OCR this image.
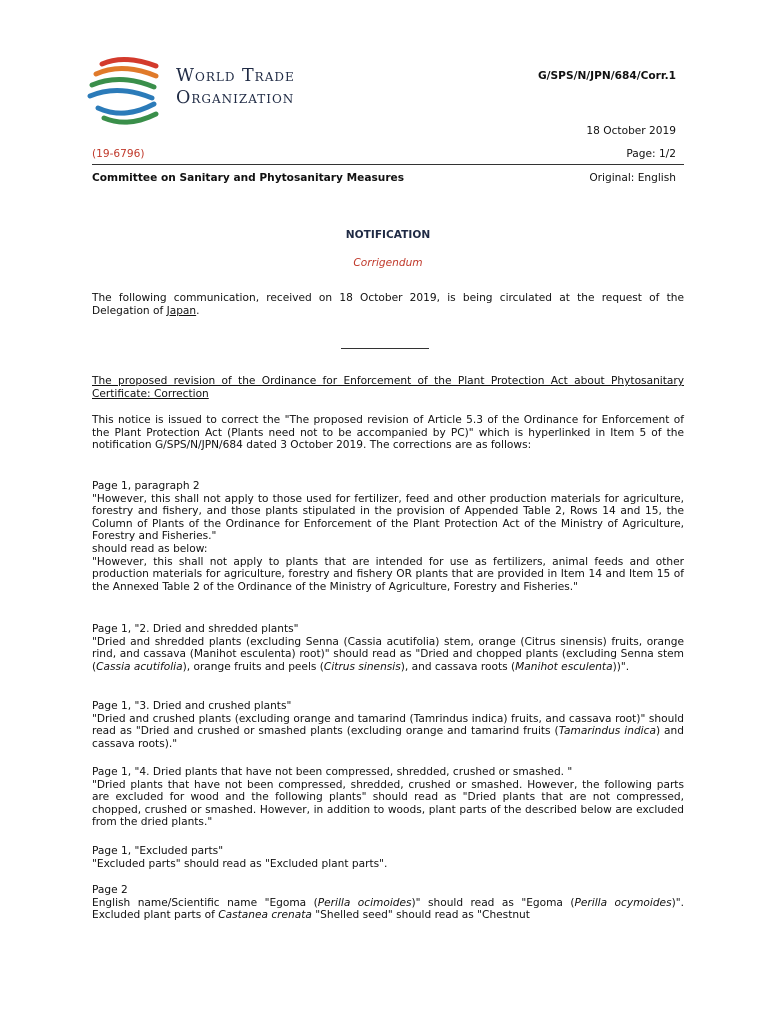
World Trade
Organization
G/SPS/N/JPN/684/Corr.1
18 October 2019
(19-6796)	Page: 1/2
Committee on Sanitary and Phytosanitary Measures	Original: English
NOTIFICATION
Corrigendum
The following communication, received on 18 October 2019, is being circulated at the request of the Delegation of Japan.
The proposed revision of the Ordinance for Enforcement of the Plant Protection Act about Phytosanitary Certificate: Correction
This notice is issued to correct the "The proposed revision of Article 5.3 of the Ordinance for Enforcement of the Plant Protection Act (Plants need not to be accompanied by PC)" which is hyperlinked in Item 5 of the notification G/SPS/N/JPN/684 dated 3 October 2019. The corrections are as follows:
Page 1, paragraph 2
"However, this shall not apply to those used for fertilizer, feed and other production materials for agriculture, forestry and fishery, and those plants stipulated in the provision of Appended Table 2, Rows 14 and 15, the Column of Plants of the Ordinance for Enforcement of the Plant Protection Act of the Ministry of Agriculture, Forestry and Fisheries."
should read as below:
"However, this shall not apply to plants that are intended for use as fertilizers, animal feeds and other production materials for agriculture, forestry and fishery OR plants that are provided in Item 14 and Item 15 of the Annexed Table 2 of the Ordinance of the Ministry of Agriculture, Forestry and Fisheries."
Page 1, "2. Dried and shredded plants"
"Dried and shredded plants (excluding Senna (Cassia acutifolia) stem, orange (Citrus sinensis) fruits, orange rind, and cassava (Manihot esculenta) root)" should read as "Dried and chopped plants (excluding Senna stem (Cassia acutifolia), orange fruits and peels (Citrus sinensis), and cassava roots (Manihot esculenta))".
Page 1, "3. Dried and crushed plants"
"Dried and crushed plants (excluding orange and tamarind (Tamrindus indica) fruits, and cassava root)" should read as "Dried and crushed or smashed plants (excluding orange and tamarind fruits (Tamarindus indica) and cassava roots)."
Page 1, "4. Dried plants that have not been compressed, shredded, crushed or smashed. "
"Dried plants that have not been compressed, shredded, crushed or smashed. However, the following parts are excluded for wood and the following plants" should read as "Dried plants that are not compressed, chopped, crushed or smashed. However, in addition to woods, plant parts of the described below are excluded from the dried plants."
Page 1, "Excluded parts"
"Excluded parts" should read as "Excluded plant parts".
Page 2
English name/Scientific name "Egoma (Perilla ocimoides)" should read as "Egoma (Perilla ocymoides)". Excluded plant parts of Castanea crenata "Shelled seed" should read as "Chestnut
